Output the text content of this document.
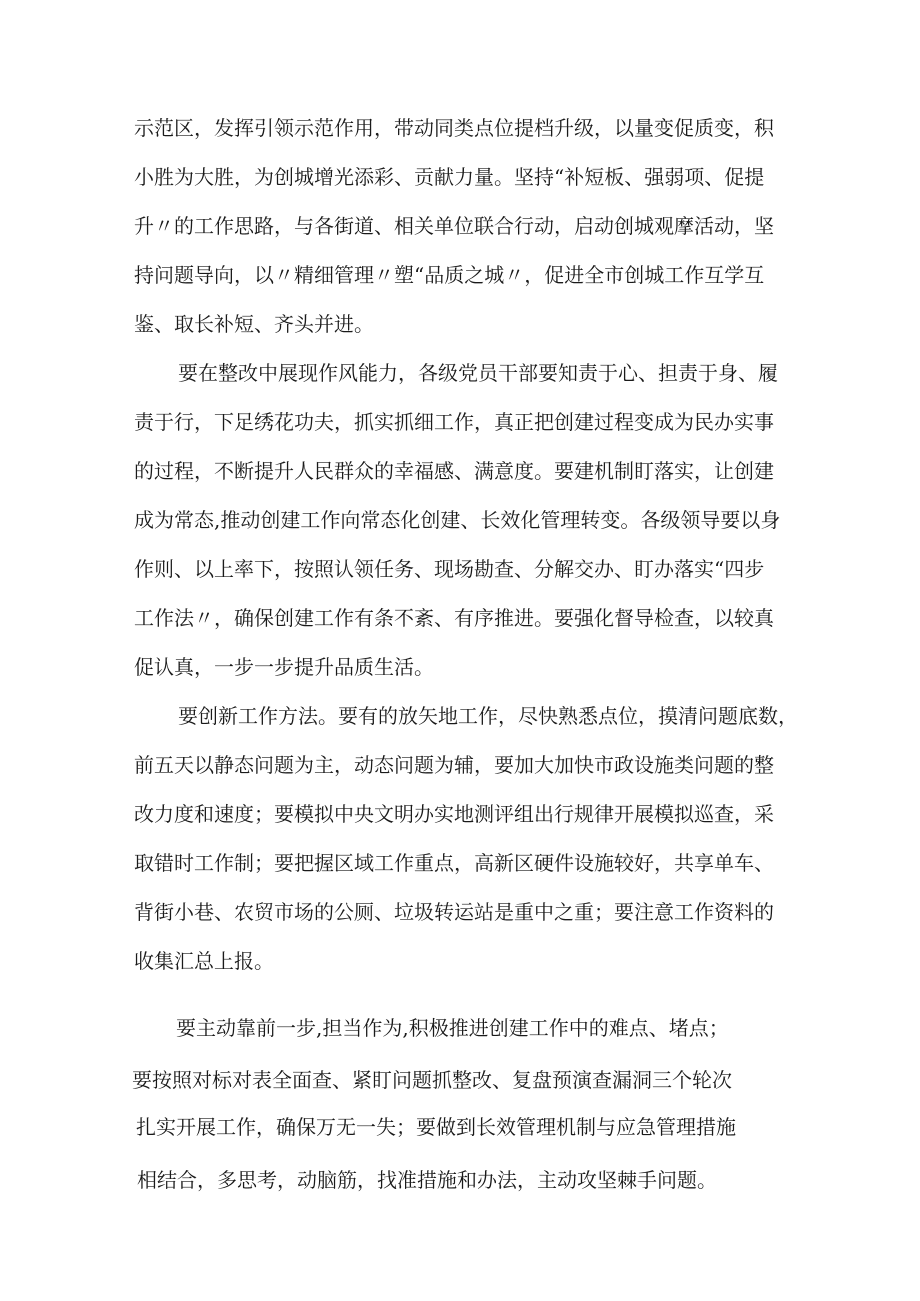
示范区，发挥引领示范作用，带动同类点位提档升级，以量变促质变，积
小胜为大胜，为创城增光添彩、贡献力量。坚持“补短板、强弱项、促提
升〃的工作思路，与各街道、相关单位联合行动，启动创城观摩活动，坚
持问题导向，以〃精细管理〃塑“品质之城〃，促进全市创城工作互学互
鉴、取长补短、齐头并进。
要在整改中展现作风能力，各级党员干部要知责于心、担责于身、履
责于行，下足绣花功夫，抓实抓细工作，真正把创建过程变成为民办实事
的过程，不断提升人民群众的幸福感、满意度。要建机制盯落实，让创建
成为常态,推动创建工作向常态化创建、长效化管理转变。各级领导要以身
作则、以上率下，按照认领任务、现场勘查、分解交办、盯办落实“四步
工作法〃，确保创建工作有条不紊、有序推进。要强化督导检查，以较真
促认真，一步一步提升品质生活。
要创新工作方法。要有的放矢地工作，尽快熟悉点位，摸清问题底数，
前五天以静态问题为主，动态问题为辅，要加大加快市政设施类问题的整
改力度和速度；要模拟中央文明办实地测评组出行规律开展模拟巡查，采
取错时工作制；要把握区域工作重点，高新区硬件设施较好，共享单车、
背街小巷、农贸市场的公厕、垃圾转运站是重中之重；要注意工作资料的
收集汇总上报。
要主动靠前一步,担当作为,积极推进创建工作中的难点、堵点；
要按照对标对表全面查、紧盯问题抓整改、复盘预演查漏洞三个轮次
扎实开展工作，确保万无一失；要做到长效管理机制与应急管理措施
相结合，多思考，动脑筋，找准措施和办法，主动攻坚棘手问题。
